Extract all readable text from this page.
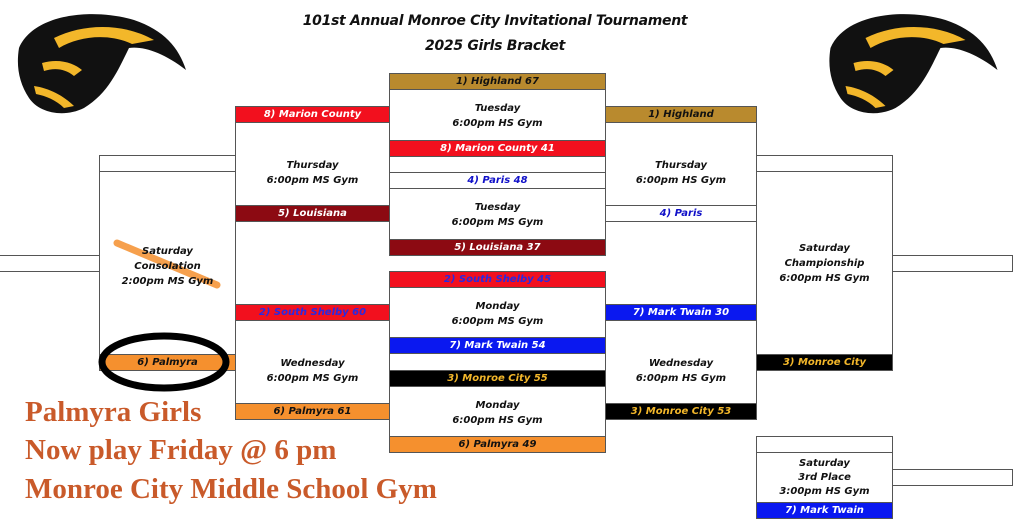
101st Annual Monroe City Invitational Tournament
2025 Girls Bracket
Saturday
Consolation
2:00pm MS Gym
6) Palmyra
8) Marion County
Thursday
6:00pm MS Gym
5) Louisiana
2) South Shelby 60
Wednesday
6:00pm MS Gym
6) Palmyra 61
1) Highland 67
Tuesday
6:00pm HS Gym
8) Marion County 41
4) Paris 48
Tuesday
6:00pm MS Gym
5) Louisiana 37
2) South Shelby 45
Monday
6:00pm MS Gym
7) Mark Twain 54
3) Monroe City 55
Monday
6:00pm HS Gym
6) Palmyra 49
1) Highland
Thursday
6:00pm HS Gym
4) Paris
7) Mark Twain 30
Wednesday
6:00pm HS Gym
3) Monroe City 53
Saturday
Championship
6:00pm HS Gym
3) Monroe City
Saturday
3rd Place
3:00pm HS Gym
7) Mark Twain
Palmyra Girls
Now play Friday @ 6 pm
Monroe City Middle School Gym
